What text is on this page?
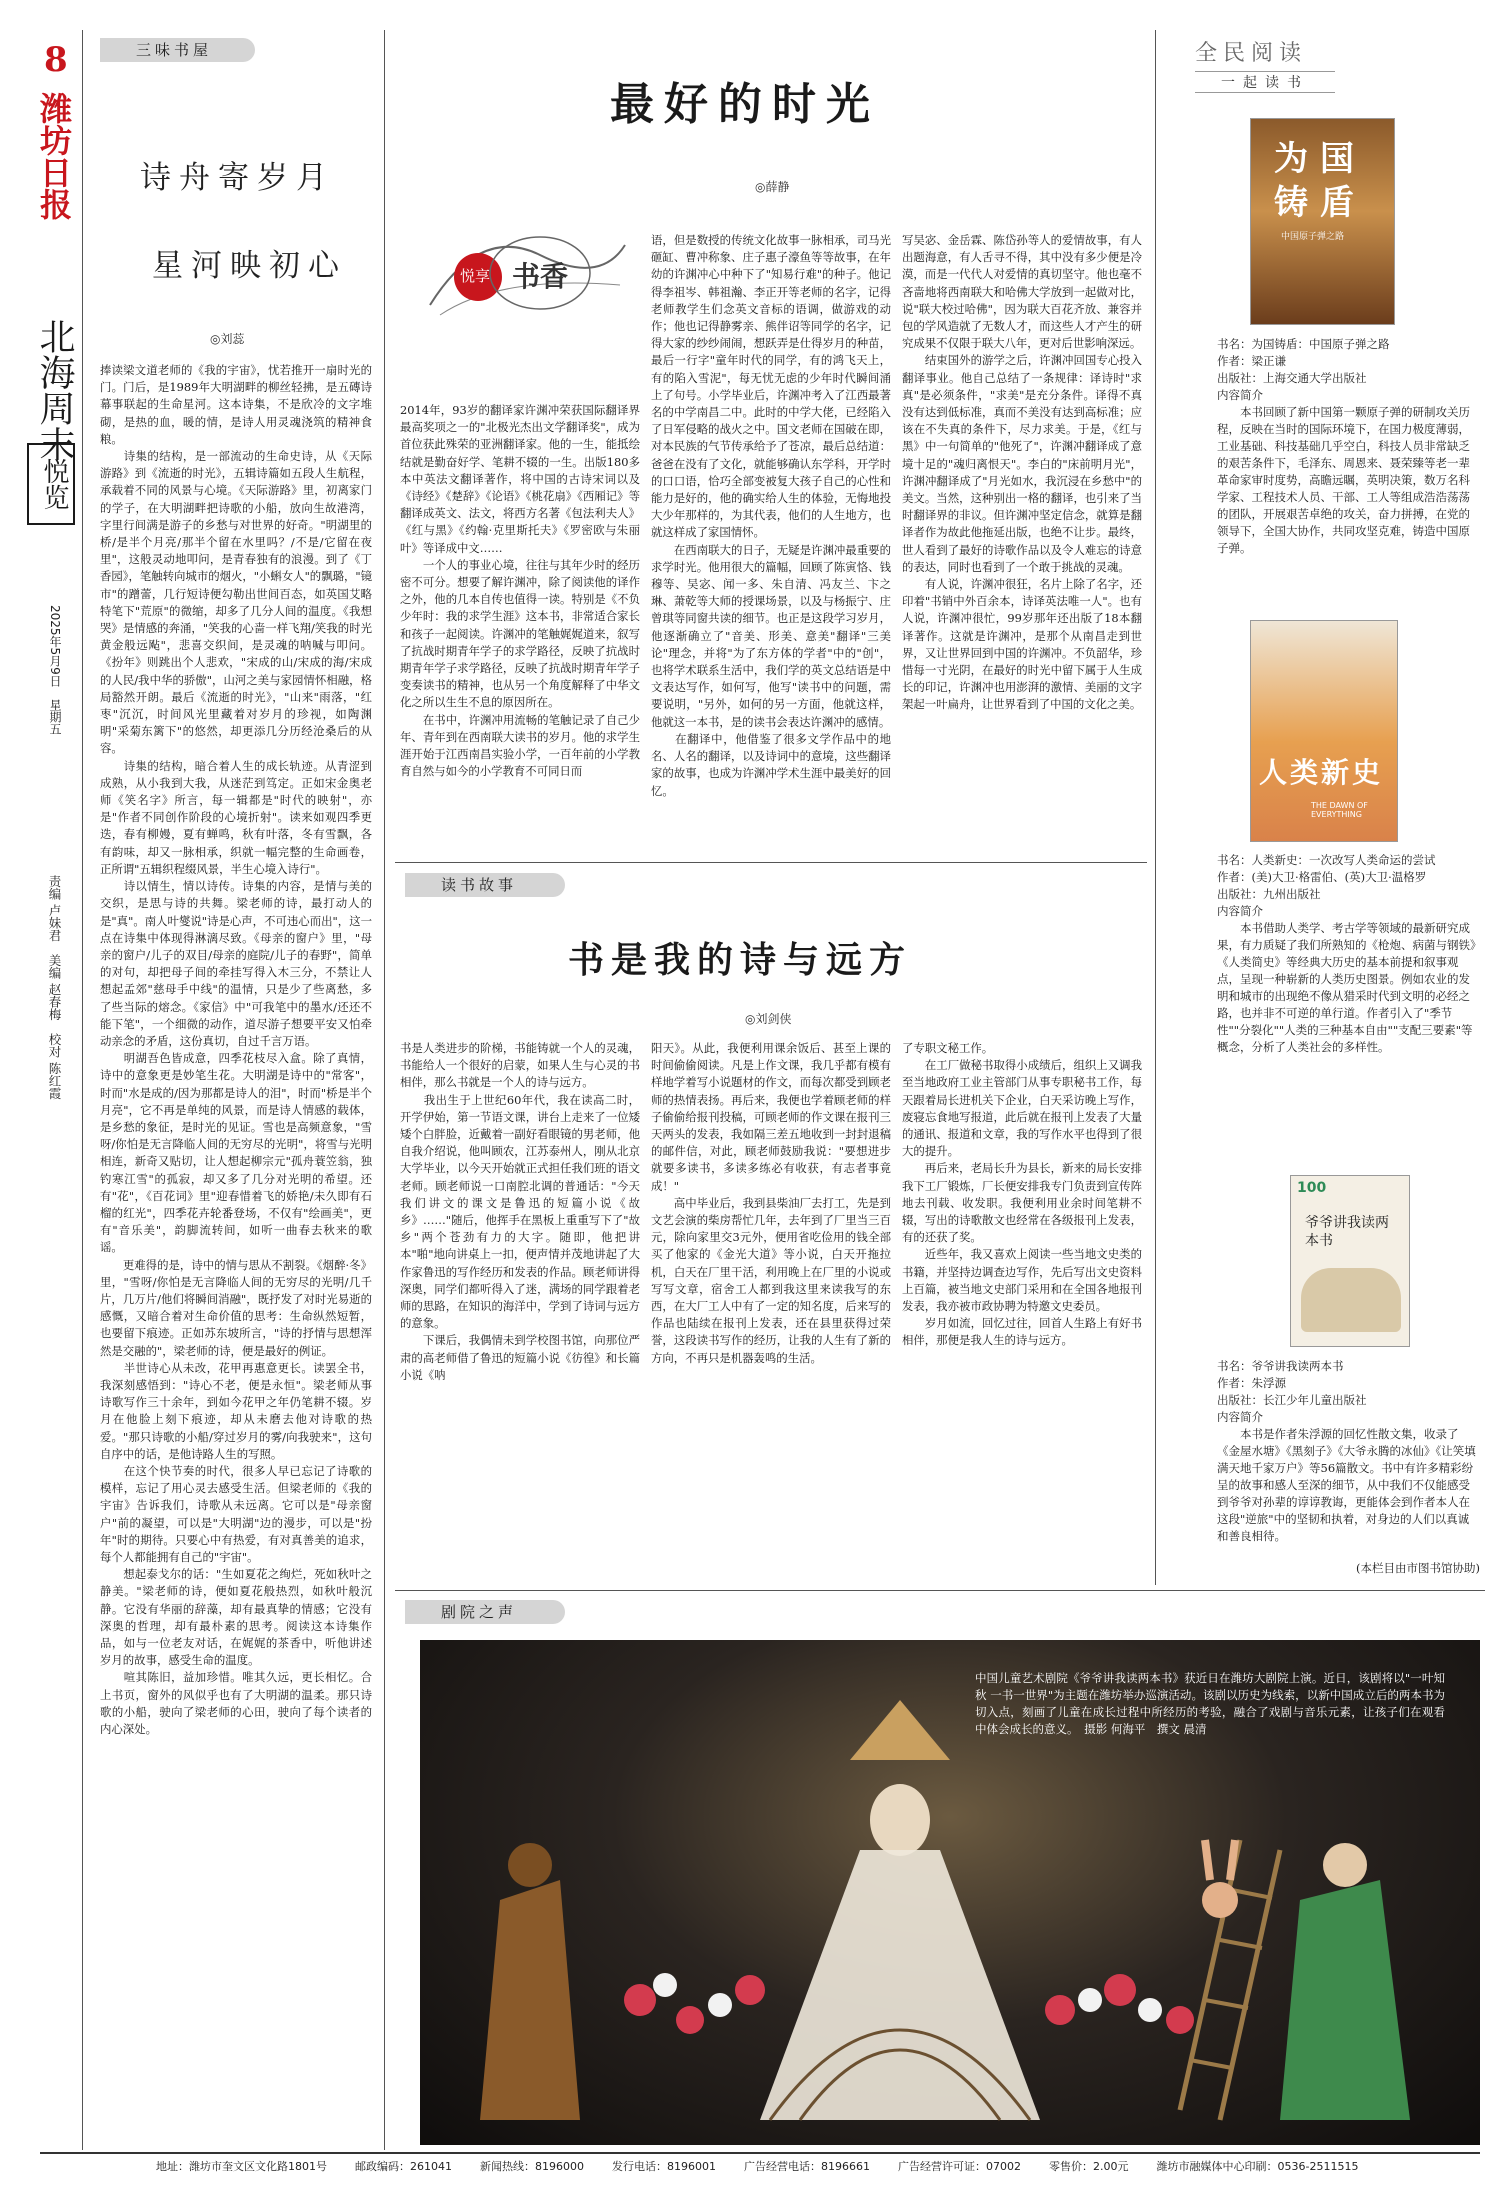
8
潍坊日报
北海周末
悦览
2025年5月9日　星期五
责编 卢妹君　美编 赵春梅　校对 陈红霞
三味书屋
诗舟寄岁月
星河映初心
◎刘蕊
捧读梁文道老师的《我的宇宙》，忧若推开一扇时光的门。门后，是1989年大明湖畔的柳丝轻拂，是五磚诗幕事联起的生命星河。这本诗集，不是欣冷的文字堆砌，是热的血，暖的情，是诗人用灵魂浇筑的精神食粮。
　　诗集的结构，是一部流动的生命史诗，从《天际游路》到《流逝的时光》，五辑诗篇如五段人生航程，承载着不同的风景与心境。《天际游路》里，初离家门的学子，在大明湖畔把诗歌的小船，放向生故港湾，字里行间满是游子的乡愁与对世界的好奇。"明湖里的桥/是半个月亮/那半个留在水里吗？/不是/它留在夜里"，这般灵动地叩问，是青春独有的浪漫。到了《丁香园》，笔触转向城市的烟火，"小蝌女人"的飘璐，"镜市"的蹭蕾，几行短诗便勾勒出世间百态，如英国艾略特笔下"荒原"的微缩，却多了几分人间的温度。《我想哭》是情感的奔涌，"笑我的心啬一样飞翔/笑我的时光黄金般远飐"，悲喜交织间，是灵魂的呐喊与叩问。《扮年》则跳出个人悲欢，"宋成的山/宋成的海/宋成的人民/我中华的骄傲"，山河之美与家园情怀相融，格局豁然开朗。最后《流逝的时光》，"山来"雨落，"红枣"沉沉，时间风光里藏着对岁月的珍视，如陶渊明"采菊东篱下"的悠然，却更添几分历经沧桑后的从容。
　　诗集的结构，暗合着人生的成长轨迹。从青涩到成熟，从小我到大我，从迷茫到笃定。正如宋金奥老师《笑名字》所言，每一辑都是"时代的映射"，亦是"作者不同创作阶段的心境折射"。读来如观四季更迭，春有柳嫚，夏有蝉鸣，秋有叶落，冬有雪飘，各有韵味，却又一脉相承，织就一幅完整的生命画卷，正所谓"五辑织程缀风景，半生心境入诗行"。
　　诗以情生，情以诗传。诗集的内容，是情与美的交织，是思与诗的共舞。梁老师的诗，最打动人的是"真"。南人叶燮说"诗是心声，不可违心而出"，这一点在诗集中体现得淋漓尽致。《母亲的窗户》里，"母亲的窗户/儿子的双目/母亲的庭院/儿子的春野"，简单的对句，却把母子间的牵挂写得入木三分，不禁让人想起孟郊"慈母手中线"的温情，只是少了些离愁，多了些当际的熔念。《家信》中"可我笔中的墨水/还还不能下笔"，一个细微的动作，道尽游子想要平安又怕牵动亲念的矛盾，这份真切，自过千言万语。
　　明湖吾色皆成意，四季花枝尽入盒。除了真情，诗中的意象更是妙笔生花。大明湖是诗中的"常客"，时而"水是成的/因为那都是诗人的泪"，时而"桥是半个月亮"，它不再是单纯的风景，而是诗人情感的载体，是乡愁的象征，是时光的见证。雪也是高频意象，"雪呀/你怕是无言降临人间的无穷尽的光明"，将雪与光明相连，新奇又贴切，让人想起柳宗元"孤舟蓑笠翁，独钓寒江雪"的孤寂，却又多了几分对光明的希望。还有"花"，《百花词》里"迎春惜着飞的娇艳/未久即有石榴的红光"，四季花卉轮番登场，不仅有"绘画美"，更有"音乐美"，韵脚流转间，如听一曲春去秋来的歌谣。
　　更难得的是，诗中的情与思从不割裂。《烟醉·冬》里，"雪呀/你怕是无言降临人间的无穷尽的光明/几千片，几万片/他们将瞬间消融"，既抒发了对时光易逝的感慨，又暗合着对生命价值的思考：生命纵然短暂，也要留下痕迹。正如苏东坡所言，"诗的抒情与思想浑然是交融的"，梁老师的诗，便是最好的例证。
　　半世诗心从未改，花甲再惠意更长。读罢全书，我深刻感悟到："诗心不老，便是永恒"。梁老师从事诗歌写作三十余年，到如今花甲之年仍笔耕不辍。岁月在他脸上刻下痕迹，却从未磨去他对诗歌的热爱。"那只诗歌的小船/穿过岁月的雾/向我驶来"，这句自序中的话，是他诗路人生的写照。
　　在这个快节奏的时代，很多人早已忘记了诗歌的模样，忘记了用心灵去感受生活。但梁老师的《我的宇宙》告诉我们，诗歌从未远离。它可以是"母亲窗户"前的凝望，可以是"大明湖"边的漫步，可以是"扮年"时的期待。只要心中有热爱，有对真善美的追求，每个人都能拥有自己的"宇宙"。
　　想起泰戈尔的话："生如夏花之绚烂，死如秋叶之静美。"梁老师的诗，便如夏花般热烈，如秋叶般沉静。它没有华丽的辞藻，却有最真挚的情感；它没有深奥的哲理，却有最朴素的思考。阅读这本诗集作品，如与一位老友对话，在娓娓的茶香中，听他讲述岁月的故事，感受生命的温度。
　　喧其陈旧，益加珍惜。唯其久远，更长相忆。合上书页，窗外的风似乎也有了大明湖的温柔。那只诗歌的小船，驶向了梁老师的心田，驶向了每个读者的内心深处。
最好的时光
◎薛静
悦享 书香
2014年，93岁的翻译家许渊冲荣获国际翻译界最高奖项之一的"北极光杰出文学翻译奖"，成为首位获此殊荣的亚洲翻译家。他的一生，能抵绘结就是勤奋好学、笔耕不辍的一生。出版180多本中英法文翻译著作，将中国的古诗宋词以及《诗经》《楚辞》《论语》《桃花扇》《西厢记》等翻译成英文、法文，将西方名著《包法利夫人》《红与黑》《约翰·克里斯托夫》《罗密欧与朱丽叶》等译成中文……
　　一个人的事业心境，往往与其年少时的经历密不可分。想要了解许渊冲，除了阅读他的译作之外，他的几本自传也值得一读。特别是《不负少年时：我的求学生涯》这本书，非常适合家长和孩子一起阅读。许渊冲的笔触娓娓道来，叙写了抗战时期青年学子的求学路径，反映了抗战时期青年学子求学路径，反映了抗战时期青年学子变奏读书的精神，也从另一个角度解释了中华文化之所以生生不息的原因所在。
　　在书中，许渊冲用流畅的笔触记录了自己少年、青年到在西南联大读书的岁月。他的求学生涯开始于江西南昌实验小学，一百年前的小学教育自然与如今的小学教育不可同日而
语，但是数授的传统文化故事一脉相承，司马光砸缸、曹冲称象、庄子惠子濠鱼等等故事，在年幼的许渊冲心中种下了"知易行难"的种子。他记得李祖岑、韩祖瀚、李正开等老师的名字，记得老师教学生们念英文音标的语调，做游戏的动作；他也记得静雾亲、熊伴诏等同学的名字，记得大家的纱纱闹闹，想跃弄是仕得岁月的种苗，最后一行字"童年时代的同学，有的鸿飞天上，有的陷入雪泥"，每无忧无虑的少年时代瞬间涌上了句号。小学毕业后，许渊冲考入了江西最著名的中学南昌二中。此时的中学大佬，已经陷入了日军侵略的战火之中。国文老师在国破在即，对本民族的气节传承给予了苍凉，最后总结道：爸爸在没有了文化，就能够确认东学科，开学时的口口语，恰巧全部变被复大孩子自己的心性和能力是好的，他的确实给人生的体验，无悔地投大少年那样的，为其代表，他们的人生地方，也就这样成了家国情怀。
　　在西南联大的日子，无疑是许渊冲最重要的求学时光。他用很大的篇幅，回顾了陈寅恪、钱穆等、吴宓、闻一多、朱自清、冯友兰、卞之琳、萧乾等大师的授课场景，以及与杨振宁、庄曾琪等同窗共读的细节。也正是这段学习岁月，他逐渐确立了"音美、形美、意美"翻译"三美论"理念，并将"为了东方体的学者"中的"创"，也将学术联系生活中，我们学的英文总结语是中文表达写作，如何写，他写"读书中的问题，需要说明，"另外，如何的另一方面，他就这样，他就这一本书，是的读书会表达许渊冲的感情。
　　在翻译中，他借鉴了很多文学作品中的地名、人名的翻译，以及诗词中的意境，这些翻译家的故事，也成为许渊冲学术生涯中最美好的回忆。
写吴宓、金岳霖、陈岱孙等人的爱情故事，有人出题海意，有人舌寻不得，其中没有多少便是冷漠，而是一代代人对爱情的真切坚守。他也毫不吝啬地将西南联大和哈佛大学放到一起做对比，说"联大校过哈佛"，因为联大百花齐放、兼容并包的学风造就了无数人才，而这些人才产生的研究成果不仅限于联大八年，更对后世影响深远。
　　结束国外的游学之后，许渊冲回国专心投入翻译事业。他自己总结了一条规律：译诗时"求真"是必须条件，"求美"是充分条件。译得不真没有达到低标准，真而不美没有达到高标准；应该在不失真的条件下，尽力求美。于是，《红与黑》中一句简单的"他死了"，许渊冲翻译成了意境十足的"魂归离恨天"。李白的"床前明月光"，许渊冲翻译成了"月光如水，我沉浸在乡愁中"的美文。当然，这种别出一格的翻译，也引来了当时翻译界的非议。但许渊冲坚定信念，就算是翻译者作为故此他拖延出版，也绝不让步。最终，世人看到了最好的诗歌作品以及令人难忘的诗意的表达，同时也看到了一个敢于挑战的灵魂。
　　有人说，许渊冲很狂，名片上除了名字，还印着"书销中外百余本，诗译英法唯一人"。也有人说，许渊冲很忙，99岁那年还出版了18本翻译著作。这就是许渊冲，是那个从南昌走到世界，又让世界回到中国的许渊冲。不负韶华，珍惜每一寸光阴，在最好的时光中留下属于人生成长的印记，许渊冲也用澎湃的激情、美丽的文字架起一叶扁舟，让世界看到了中国的文化之美。
读书故事
书是我的诗与远方
◎刘剑侠
书是人类进步的阶梯，书能铸就一个人的灵魂，书能给人一个很好的启蒙，如果人生与心灵的书相伴，那么书就是一个人的诗与远方。
　　我出生于上世纪60年代，我在读高二时，开学伊始，第一节语文课，讲台上走来了一位矮矮个白胖脸，近戴着一副好看眼镜的男老师，他自我介绍说，他叫顾农，江苏泰州人，刚从北京大学毕业，以今天开始就正式担任我们班的语文老师。顾老师说一口南腔北调的普通话："今天我们讲文的课文是鲁迅的短篇小说《故乡》……"随后，他挥手在黑板上重重写下了"故乡"两个苍劲有力的大字。随即，他把讲本"啪"地向讲桌上一扣，便声情并茂地讲起了大作家鲁迅的写作经历和发表的作品。顾老师讲得深奥，同学们都听得入了迷，满场的同学跟着老师的思路，在知识的海洋中，学到了诗词与远方的意象。
　　下课后，我偶情未到学校图书馆，向那位严肃的高老师借了鲁迅的短篇小说《彷徨》和长篇小说《呐
阳天》。从此，我便利用课余饭后、甚至上课的时间偷偷阅读。凡是上作文课，我几乎都有模有样地学着写小说题材的作文，而每次都受到顾老师的热情表扬。再后来，我便也学着顾老师的样子偷偷给报刊投稿，可顾老师的作文课在报刊三天两头的发表，我如隔三差五地收到一封封退稿的邮件信，对此，顾老师鼓励我说："要想进步就要多读书，多读多练必有收获，有志者事竟成！"
　　高中毕业后，我到县柴油厂去打工，先是到文艺会演的柴房帮忙几年，去年到了厂里当三百元，除向家里交3元外，便用省吃俭用的钱全部买了他家的《金光大道》等小说，白天开拖拉机，白天在厂里干活，利用晚上在厂里的小说或写写文章，宿舍工人都到我这里来读我写的东西，在大厂工人中有了一定的知名度，后来写的作品也陆续在报刊上发表，还在县里获得过荣誉，这段读书写作的经历，让我的人生有了新的方向，不再只是机器轰鸣的生活。
了专职文秘工作。
　　在工厂做秘书取得小成绩后，组织上又调我至当地政府工业主管部门从事专职秘书工作，每天跟着局长进机关下企业，白天采访晚上写作，废寝忘食地写报道，此后就在报刊上发表了大量的通讯、报道和文章，我的写作水平也得到了很大的提升。
　　再后来，老局长升为县长，新来的局长安排我下工厂锻炼，厂长便安排我专门负责到宣传阵地去刊载、收发职。我便利用业余时间笔耕不辍，写出的诗歌散文也经常在各级报刊上发表，有的还获了奖。
　　近些年，我又喜欢上阅读一些当地文史类的书籍，并坚持边调查边写作，先后写出文史资料上百篇，被当地文史部门采用和在全国各地报刊发表，我亦被市政协聘为特邀文史委员。
　　岁月如流，回忆过往，回首人生路上有好书相伴，那便是我人生的诗与远方。
全民阅读
一起读书
为国铸盾
中国原子弹之路
书名：为国铸盾：中国原子弹之路
作者：梁正谦
出版社：上海交通大学出版社
内容简介
　　本书回顾了新中国第一颗原子弹的研制攻关历程，反映在当时的国际环境下，在国力极度薄弱，工业基础、科技基础几乎空白，科技人员非常缺乏的艰苦条件下，毛泽东、周恩来、聂荣臻等老一辈革命家审时度势，高瞻远瞩，英明决策，数万名科学家、工程技术人员、干部、工人等组成浩浩荡荡的团队，开展艰苦卓绝的攻关，奋力拼搏，在党的领导下，全国大协作，共同攻坚克难，铸造中国原子弹。
人类新史
THE DAWN OF EVERYTHING
书名：人类新史：一次改写人类命运的尝试
作者：(美)大卫·格雷伯、(英)大卫·温格罗
出版社：九州出版社
内容简介
　　本书借助人类学、考古学等领域的最新研究成果，有力质疑了我们所熟知的《枪炮、病菌与钢铁》《人类简史》等经典大历史的基本前提和叙事观点，呈现一种崭新的人类历史图景。例如农业的发明和城市的出现绝不像从猎采时代到文明的必经之路，也并非不可逆的单行道。作者引入了"季节性""分裂化""人类的三种基本自由""支配三要素"等概念，分析了人类社会的多样性。
100
爷爷讲我读两本书
书名：爷爷讲我读两本书
作者：朱浮源
出版社：长江少年儿童出版社
内容简介
　　本书是作者朱浮源的回忆性散文集，收录了《金屋水塘》《黑刻子》《大爷永腾的冰仙》《让笑填满天地千家万户》等56篇散文。书中有许多精彩纷呈的故事和感人至深的细节，从中我们不仅能感受到爷爷对孙辈的谆谆教诲，更能体会到作者本人在这段"逆旅"中的坚韧和执着，对身边的人们以真诚和善良相待。
(本栏目由市图书馆协助)
剧院之声
中国儿童艺术剧院《爷爷讲我读两本书》获近日在潍坊大剧院上演。近日，该剧将以"一叶知秋 一书一世界"为主题在潍坊举办巡演活动。该剧以历史为线索，以新中国成立后的两本书为切入点，刻画了儿童在成长过程中所经历的考验，融合了戏剧与音乐元素，让孩子们在观看中体会成长的意义。　摄影 何海平　撰文 晨清
地址：潍坊市奎文区文化路1801号	邮政编码：261041	新闻热线：8196000	发行电话：8196001	广告经营电话：8196661	广告经营许可证：07002	零售价：2.00元	潍坊市融媒体中心印刷：0536-2511515
